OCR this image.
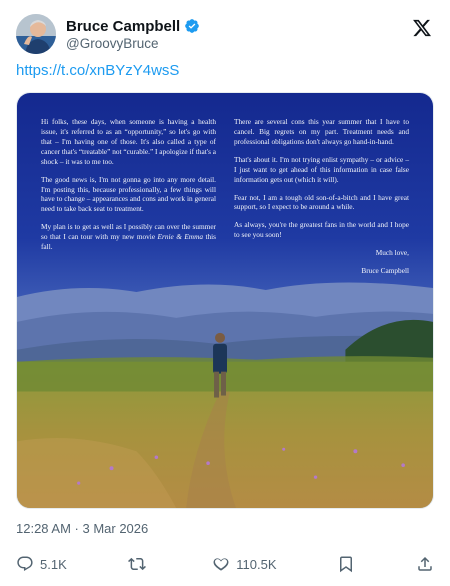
Bruce Campbell
@GroovyBruce
https://t.co/xnBYzY4wsS

Hi folks, these days, when someone is having a health issue, it's referred to as an “opportunity,” so let's go with that – I'm having one of those. It's also called a type of cancer that's “treatable” not “curable.” I apologize if that's a shock – it was to me too.

The good news is, I'm not gonna go into any more detail. I'm posting this, because professionally, a few things will have to change – appearances and cons and work in general need to take back seat to treatment.

My plan is to get as well as I possibly can over the summer so that I can tour with my new movie Ernie & Emma this fall.

There are several cons this year summer that I have to cancel. Big regrets on my part. Treatment needs and professional obligations don't always go hand-in-hand.

That's about it. I'm not trying enlist sympathy – or advice – I just want to get ahead of this information in case false information gets out (which it will).

Fear not, I am a tough old son-of-a-bitch and I have great support, so I expect to be around a while.

As always, you're the greatest fans in the world and I hope to see you soon!

Much love,

Bruce Campbell

12:28 AM · 3 Mar 2026
5.1K	110.5K
